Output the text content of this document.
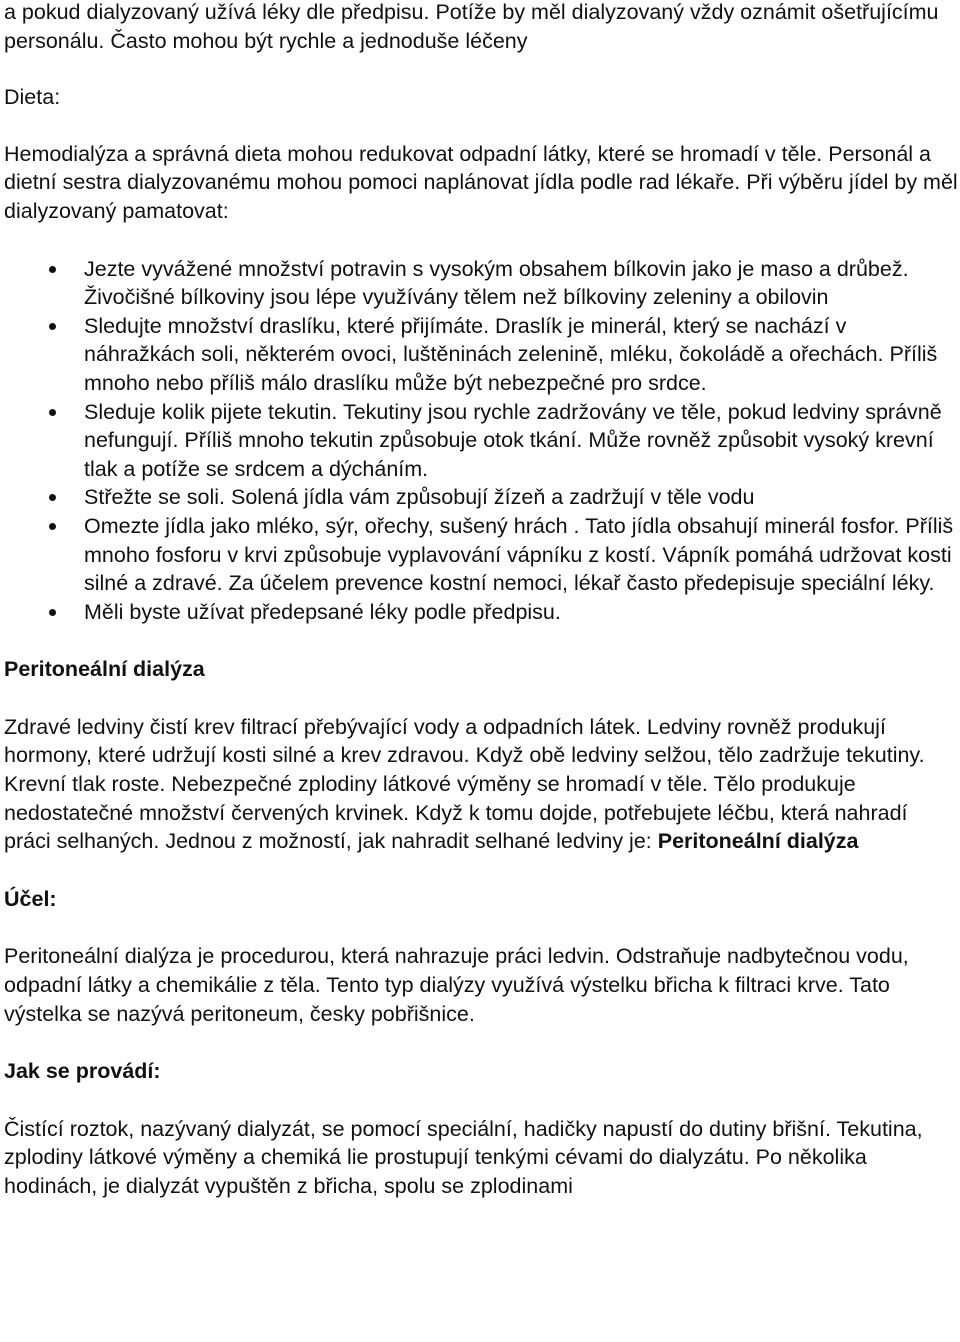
a pokud dialyzovaný užívá léky dle předpisu. Potíže by měl dialyzovaný vždy oznámit ošetřujícímu personálu. Často mohou být rychle a jednoduše léčeny

Dieta:

Hemodialýza a správná dieta mohou redukovat odpadní látky, které se hromadí v těle. Personál a dietní sestra dialyzovanému mohou pomoci naplánovat jídla podle rad lékaře. Při výběru jídel by měl dialyzovaný pamatovat:

Jezte vyvážené množství potravin s vysokým obsahem bílkovin jako je maso a drůbež. Živočišné bílkoviny jsou lépe využívány tělem než bílkoviny zeleniny a obilovin
Sledujte množství draslíku, které přijímáte. Draslík je minerál, který se nachází v náhražkách soli, některém ovoci, luštěninách zelenině, mléku, čokoládě a ořechách. Příliš mnoho nebo příliš málo draslíku může být nebezpečné pro srdce.
Sleduje kolik pijete tekutin. Tekutiny jsou rychle zadržovány ve těle, pokud ledviny správně nefungují. Příliš mnoho tekutin způsobuje otok tkání. Může rovněž způsobit vysoký krevní tlak a potíže se srdcem a dýcháním.
Střežte se soli. Solená jídla vám způsobují žízeň a zadržují v těle vodu
Omezte jídla jako mléko, sýr, ořechy, sušený hrách . Tato jídla obsahují minerál fosfor. Příliš mnoho fosforu v krvi způsobuje vyplavování vápníku z kostí. Vápník pomáhá udržovat kosti silné a zdravé. Za účelem prevence kostní nemoci, lékař často předepisuje speciální léky.
Měli byste užívat předepsané léky podle předpisu.

Peritoneální dialýza

Zdravé ledviny čistí krev filtrací přebývající vody a odpadních látek. Ledviny rovněž produkují hormony, které udržují kosti silné a krev zdravou. Když obě ledviny selžou, tělo zadržuje tekutiny. Krevní tlak roste. Nebezpečné zplodiny látkové výměny se hromadí v těle. Tělo produkuje nedostatečné množství červených krvinek. Když k tomu dojde, potřebujete léčbu, která nahradí práci selhaných. Jednou z možností, jak nahradit selhané ledviny je: Peritoneální dialýza

Účel:

Peritoneální dialýza je procedurou, která nahrazuje práci ledvin. Odstraňuje nadbytečnou vodu, odpadní látky a chemikálie z těla. Tento typ dialýzy využívá výstelku břicha k filtraci krve. Tato výstelka se nazývá peritoneum, česky pobřišnice.

Jak se provádí:

Čistící roztok, nazývaný dialyzát, se pomocí speciální, hadičky napustí do dutiny břišní. Tekutina, zplodiny látkové výměny a chemiká lie prostupují tenkými cévami do dialyzátu. Po několika hodinách, je dialyzát vypuštěn z břicha, spolu se zplodinami
